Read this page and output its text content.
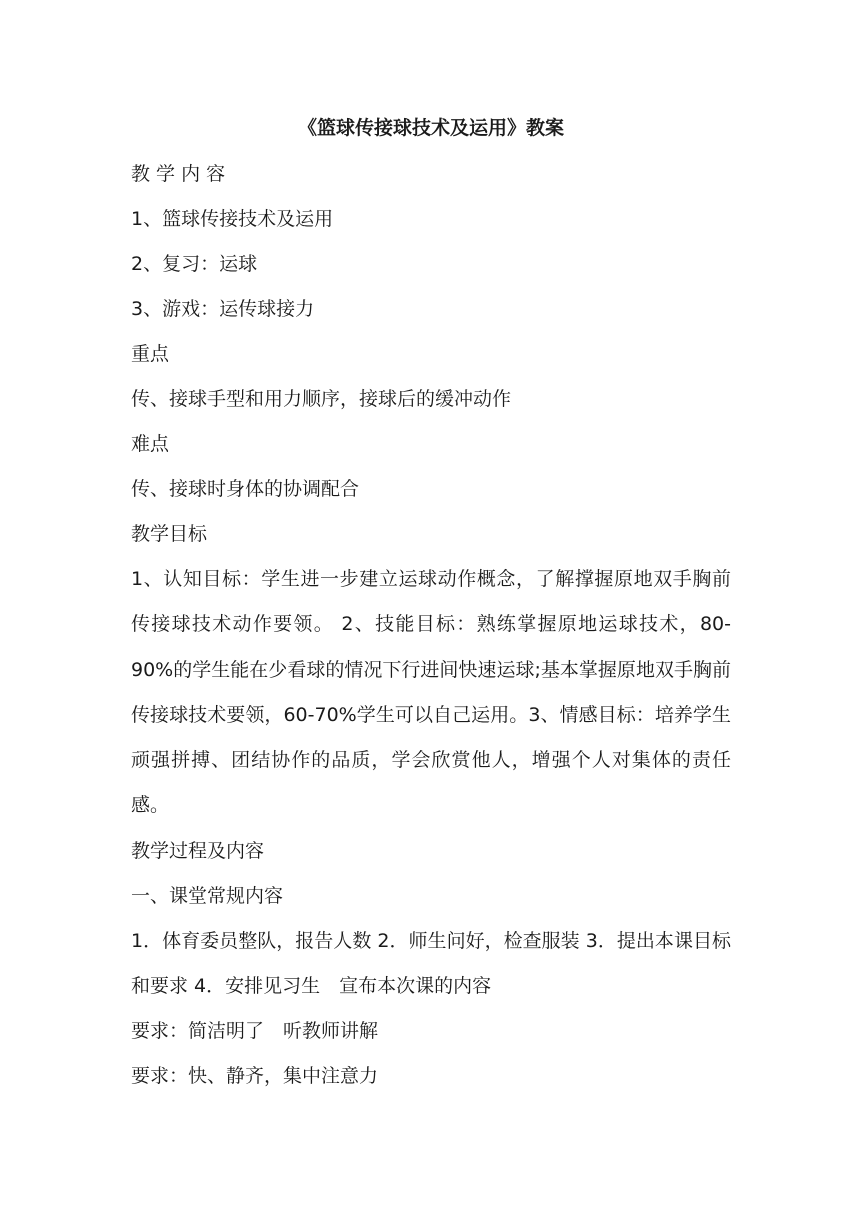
《篮球传接球技术及运用》教案

教 学 内 容

1、篮球传接技术及运用

2、复习：运球

3、游戏：运传球接力

重点

传、接球手型和用力顺序，接球后的缓冲动作

难点

传、接球时身体的协调配合

教学目标

1、认知目标：学生进一步建立运球动作概念，了解撑握原地双手胸前传接球技术动作要领。 2、技能目标：熟练掌握原地运球技术，80-90%的学生能在少看球的情况下行进间快速运球;基本掌握原地双手胸前传接球技术要领，60-70%学生可以自己运用。3、情感目标：培养学生顽强拼搏、团结协作的品质，学会欣赏他人，增强个人对集体的责任感。

教学过程及内容

一、课堂常规内容

1．体育委员整队，报告人数 2．师生问好，检查服装 3．提出本课目标和要求 4．安排见习生　宣布本次课的内容

要求：简洁明了　听教师讲解

要求：快、静齐，集中注意力
